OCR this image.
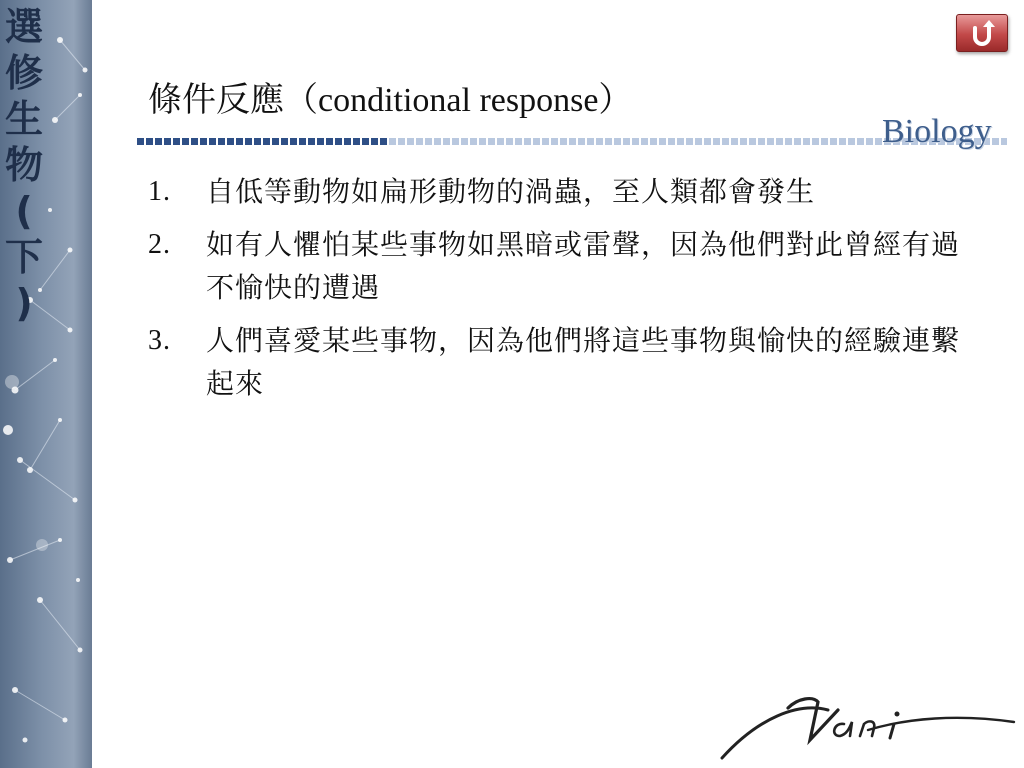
選
修
生
物
(
下
)
條件反應（conditional response）
Biology
1. 自低等動物如扁形動物的渦蟲，至人類都會發生
2. 如有人懼怕某些事物如黑暗或雷聲，因為他們對此曾經有過不愉快的遭遇
3. 人們喜愛某些事物，因為他們將這些事物與愉快的經驗連繫起來
